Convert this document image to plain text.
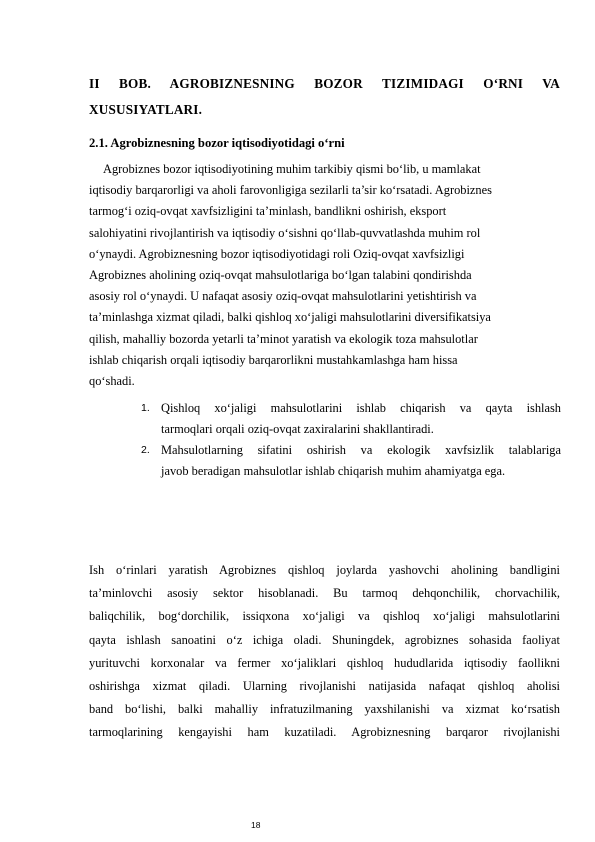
II BOB. AGROBIZNESNING BOZOR TIZIMIDAGI O‘RNI VA
XUSUSIYATLARI.
2.1. Agrobiznesning bozor iqtisodiyotidagi o‘rni
Agrobiznes bozor iqtisodiyotining muhim tarkibiy qismi bo‘lib, u mamlakat
iqtisodiy barqarorligi va aholi farovonligiga sezilarli ta’sir ko‘rsatadi. Agrobiznes
tarmog‘i oziq-ovqat xavfsizligini ta’minlash, bandlikni oshirish, eksport
salohiyatini rivojlantirish va iqtisodiy o‘sishni qo‘llab-quvvatlashda muhim rol
o‘ynaydi. Agrobiznesning bozor iqtisodiyotidagi roli Oziq-ovqat xavfsizligi
Agrobiznes aholining oziq-ovqat mahsulotlariga bo‘lgan talabini qondirishda
asosiy rol o‘ynaydi. U nafaqat asosiy oziq-ovqat mahsulotlarini yetishtirish va
ta’minlashga xizmat qiladi, balki qishloq xo‘jaligi mahsulotlarini diversifikatsiya
qilish, mahalliy bozorda yetarli ta’minot yaratish va ekologik toza mahsulotlar
ishlab chiqarish orqali iqtisodiy barqarorlikni mustahkamlashga ham hissa
qo‘shadi.
1. Qishloq xo‘jaligi mahsulotlarini ishlab chiqarish va qayta ishlash
tarmoqlari orqali oziq-ovqat zaxiralarini shakllantiradi.
2. Mahsulotlarning sifatini oshirish va ekologik xavfsizlik talablariga
javob beradigan mahsulotlar ishlab chiqarish muhim ahamiyatga ega.
Ish o‘rinlari yaratish Agrobiznes qishloq joylarda yashovchi aholining bandligini
ta’minlovchi asosiy sektor hisoblanadi. Bu tarmoq dehqonchilik, chorvachilik,
baliqchilik, bog‘dorchilik, issiqxona xo‘jaligi va qishloq xo‘jaligi mahsulotlarini
qayta ishlash sanoatini o‘z ichiga oladi. Shuningdek, agrobiznes sohasida faoliyat
yurituvchi korxonalar va fermer xo‘jaliklari qishloq hududlarida iqtisodiy faollikni
oshirishga xizmat qiladi. Ularning rivojlanishi natijasida nafaqat qishloq aholisi
band bo‘lishi, balki mahalliy infratuzilmaning yaxshilanishi va xizmat ko‘rsatish
tarmoqlarining kengayishi ham kuzatiladi. Agrobiznesning barqaror rivojlanishi
18
